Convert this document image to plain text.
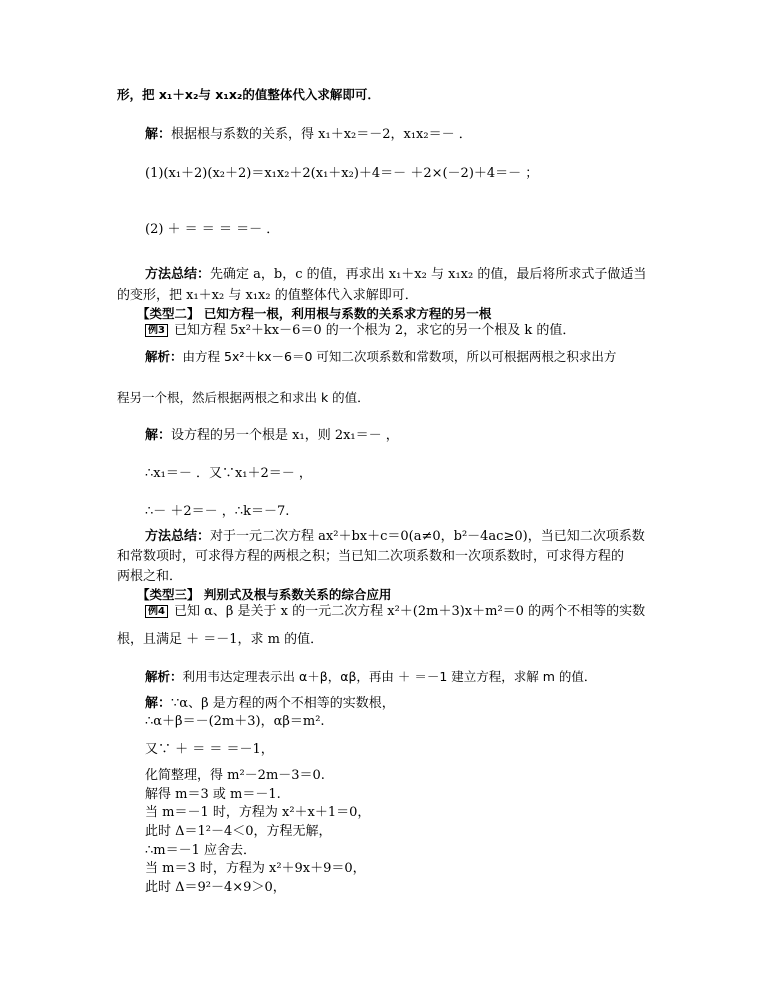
形，把 x₁＋x₂与 x₁x₂的值整体代入求解即可．
解：根据根与系数的关系，得 x₁＋x₂＝－2，x₁x₂＝－ ．
(1)(x₁＋2)(x₂＋2)＝x₁x₂＋2(x₁＋x₂)＋4＝－ ＋2×(－2)＋4＝－ ；
(2) ＋ ＝ ＝ ＝ ＝－ ．
方法总结：先确定 a，b，c 的值，再求出 x₁＋x₂ 与 x₁x₂ 的值，最后将所求式子做适当
的变形，把 x₁＋x₂ 与 x₁x₂ 的值整体代入求解即可．
【类型二】 已知方程一根，利用根与系数的关系求方程的另一根
例3 已知方程 5x²＋kx－6＝0 的一个根为 2，求它的另一个根及 k 的值．
解析：由方程 5x²＋kx－6＝0 可知二次项系数和常数项，所以可根据两根之积求出方
程另一个根，然后根据两根之和求出 k 的值．
解：设方程的另一个根是 x₁，则 2x₁＝－ ，
∴x₁＝－ ．又∵x₁＋2＝－ ，
∴－ ＋2＝－ ，∴k＝－7.
方法总结：对于一元二次方程 ax²＋bx＋c＝0(a≠0，b²－4ac≥0)，当已知二次项系数
和常数项时，可求得方程的两根之积；当已知二次项系数和一次项系数时，可求得方程的
两根之和．
【类型三】 判别式及根与系数关系的综合应用
例4 已知 α、β 是关于 x 的一元二次方程 x²＋(2m＋3)x＋m²＝0 的两个不相等的实数
根，且满足 ＋ ＝－1，求 m 的值．
解析：利用韦达定理表示出 α＋β，αβ，再由 ＋ ＝－1 建立方程，求解 m 的值．
解：∵α、β 是方程的两个不相等的实数根，
∴α＋β＝－(2m＋3)，αβ＝m².
又∵ ＋ ＝ ＝ ＝－1，
化简整理，得 m²－2m－3＝0.
解得 m＝3 或 m＝－1.
当 m＝－1 时，方程为 x²＋x＋1＝0，
此时 Δ＝1²－4＜0，方程无解，
∴m＝－1 应舍去．
当 m＝3 时，方程为 x²＋9x＋9＝0，
此时 Δ＝9²－4×9＞0，
